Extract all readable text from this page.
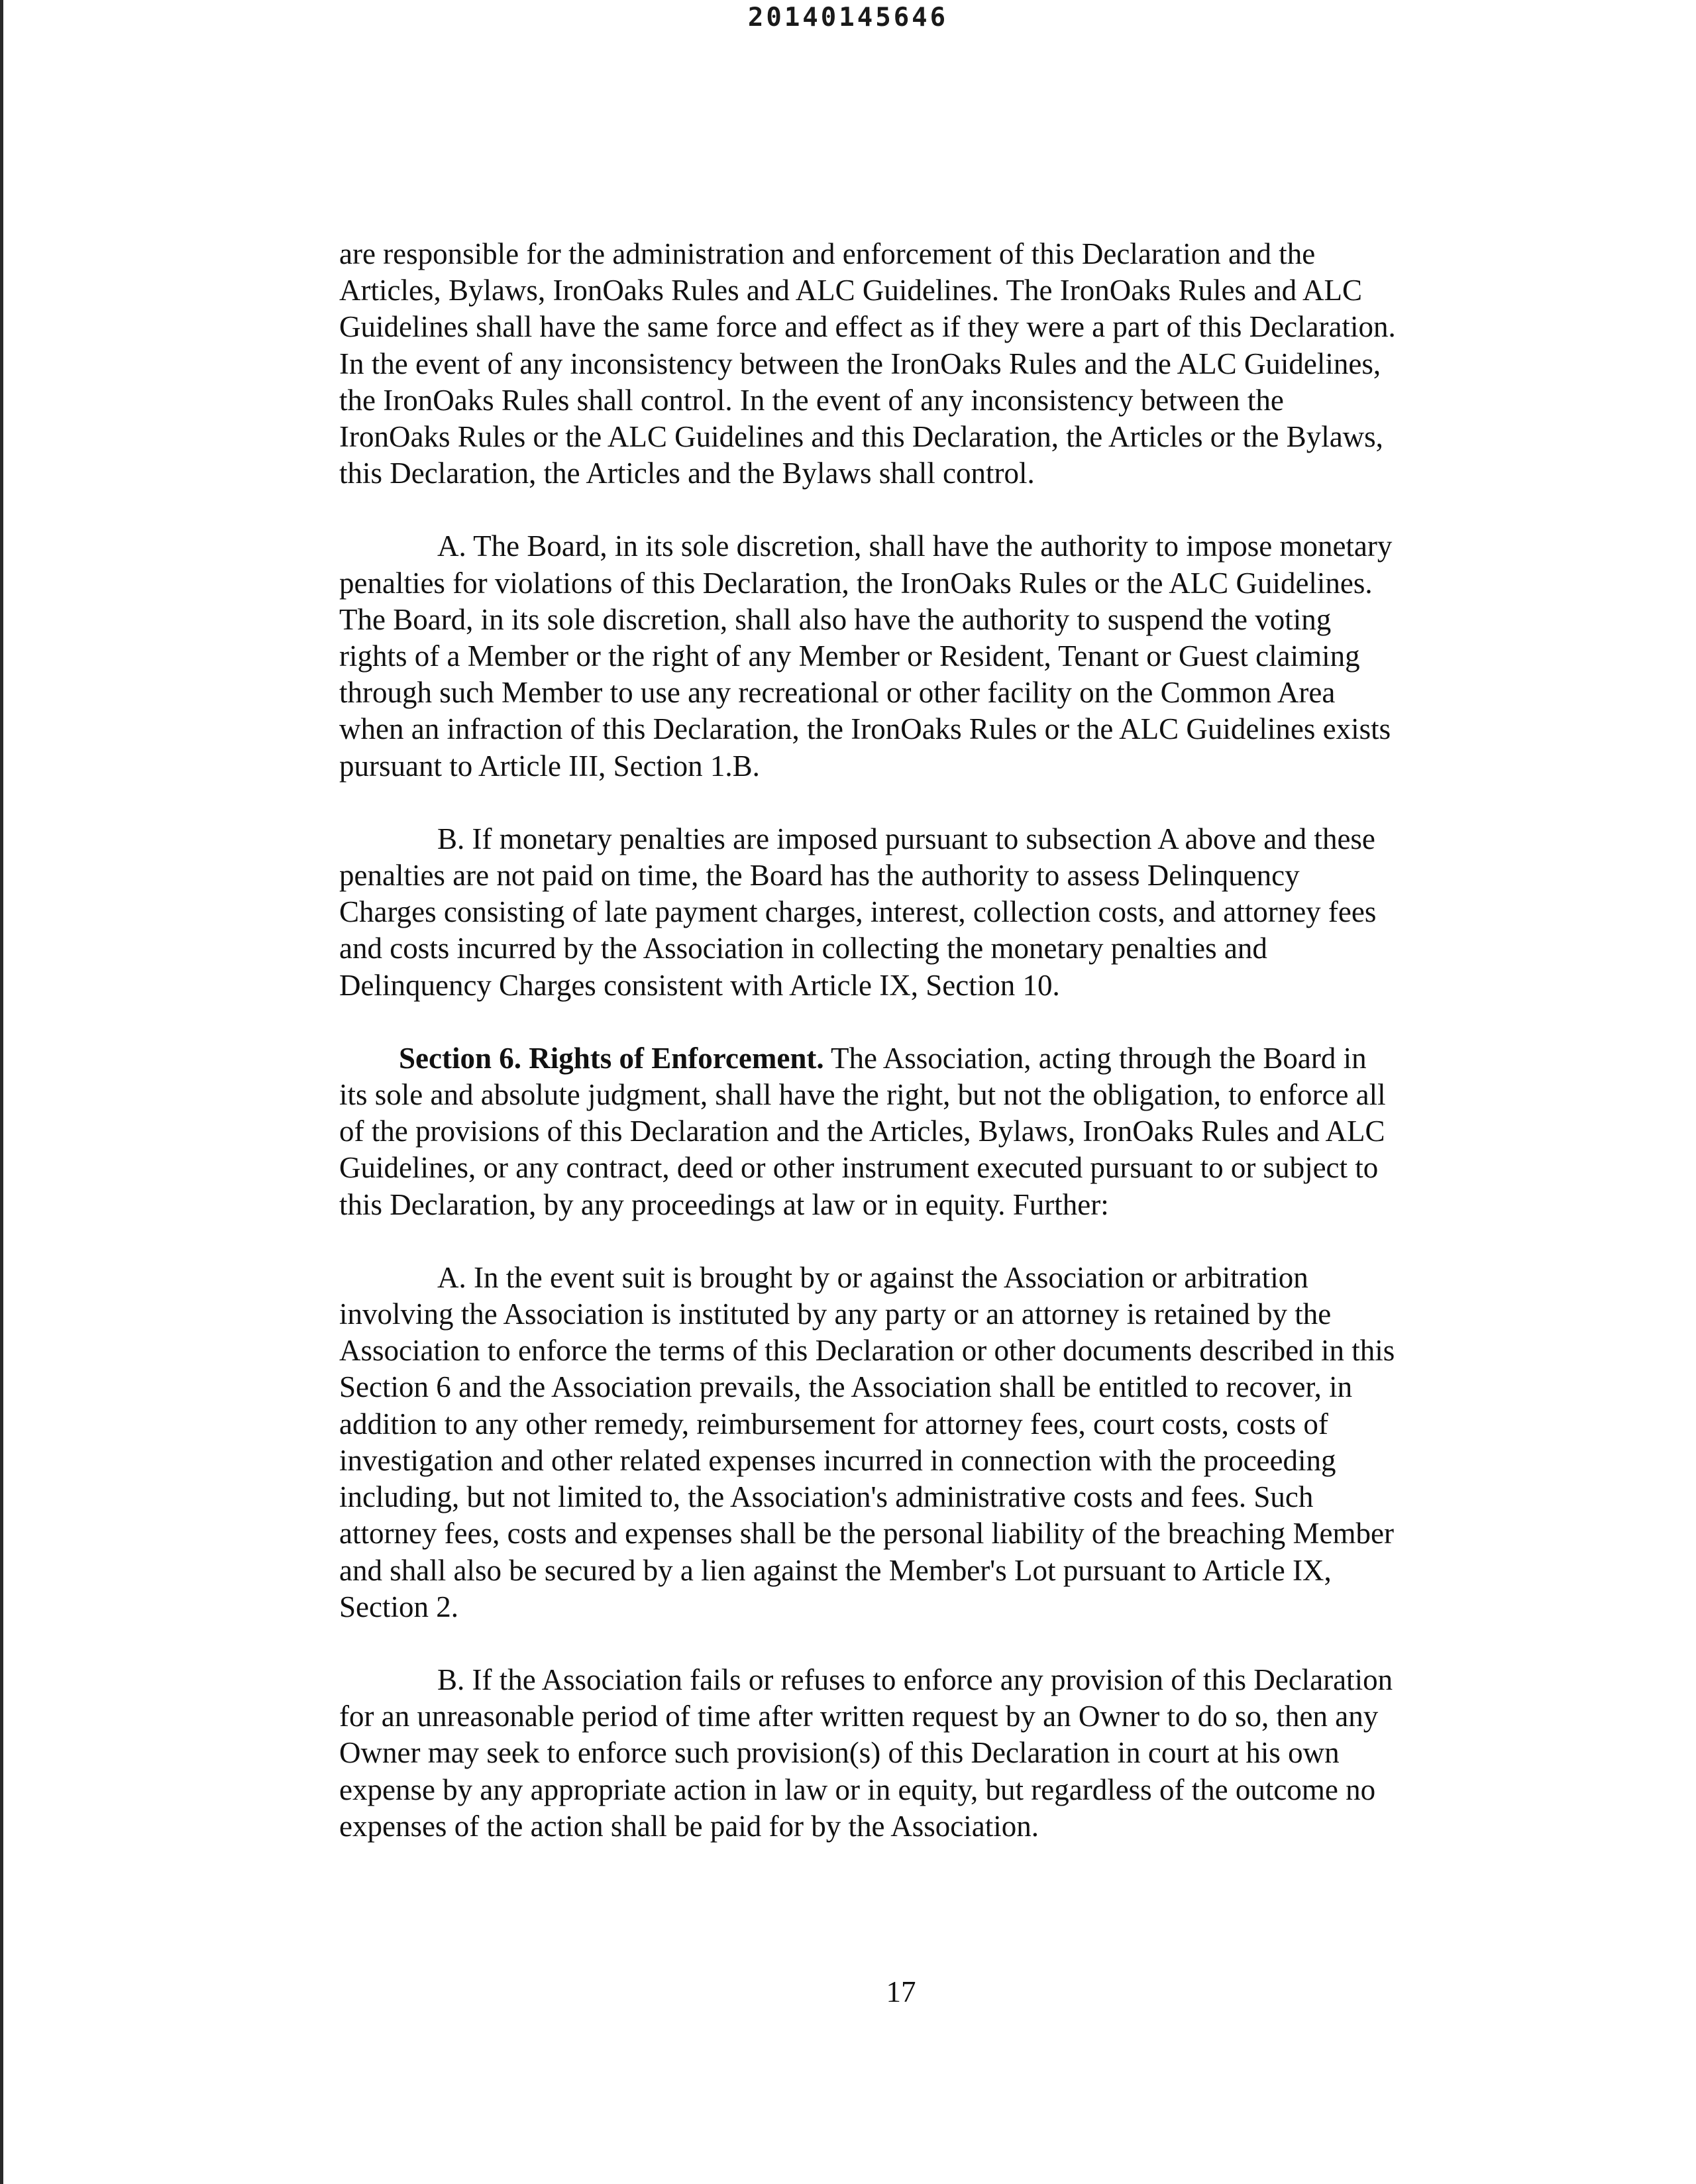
20140145646

are responsible for the administration and enforcement of this Declaration and the
Articles, Bylaws, IronOaks Rules and ALC Guidelines. The IronOaks Rules and ALC
Guidelines shall have the same force and effect as if they were a part of this Declaration.
In the event of any inconsistency between the IronOaks Rules and the ALC Guidelines,
the IronOaks Rules shall control. In the event of any inconsistency between the
IronOaks Rules or the ALC Guidelines and this Declaration, the Articles or the Bylaws,
this Declaration, the Articles and the Bylaws shall control.

A. The Board, in its sole discretion, shall have the authority to impose monetary
penalties for violations of this Declaration, the IronOaks Rules or the ALC Guidelines.
The Board, in its sole discretion, shall also have the authority to suspend the voting
rights of a Member or the right of any Member or Resident, Tenant or Guest claiming
through such Member to use any recreational or other facility on the Common Area
when an infraction of this Declaration, the IronOaks Rules or the ALC Guidelines exists
pursuant to Article III, Section 1.B.

B. If monetary penalties are imposed pursuant to subsection A above and these
penalties are not paid on time, the Board has the authority to assess Delinquency
Charges consisting of late payment charges, interest, collection costs, and attorney fees
and costs incurred by the Association in collecting the monetary penalties and
Delinquency Charges consistent with Article IX, Section 10.

Section 6. Rights of Enforcement. The Association, acting through the Board in
its sole and absolute judgment, shall have the right, but not the obligation, to enforce all
of the provisions of this Declaration and the Articles, Bylaws, IronOaks Rules and ALC
Guidelines, or any contract, deed or other instrument executed pursuant to or subject to
this Declaration, by any proceedings at law or in equity. Further:

A. In the event suit is brought by or against the Association or arbitration
involving the Association is instituted by any party or an attorney is retained by the
Association to enforce the terms of this Declaration or other documents described in this
Section 6 and the Association prevails, the Association shall be entitled to recover, in
addition to any other remedy, reimbursement for attorney fees, court costs, costs of
investigation and other related expenses incurred in connection with the proceeding
including, but not limited to, the Association's administrative costs and fees. Such
attorney fees, costs and expenses shall be the personal liability of the breaching Member
and shall also be secured by a lien against the Member's Lot pursuant to Article IX,
Section 2.

B. If the Association fails or refuses to enforce any provision of this Declaration
for an unreasonable period of time after written request by an Owner to do so, then any
Owner may seek to enforce such provision(s) of this Declaration in court at his own
expense by any appropriate action in law or in equity, but regardless of the outcome no
expenses of the action shall be paid for by the Association.

17
